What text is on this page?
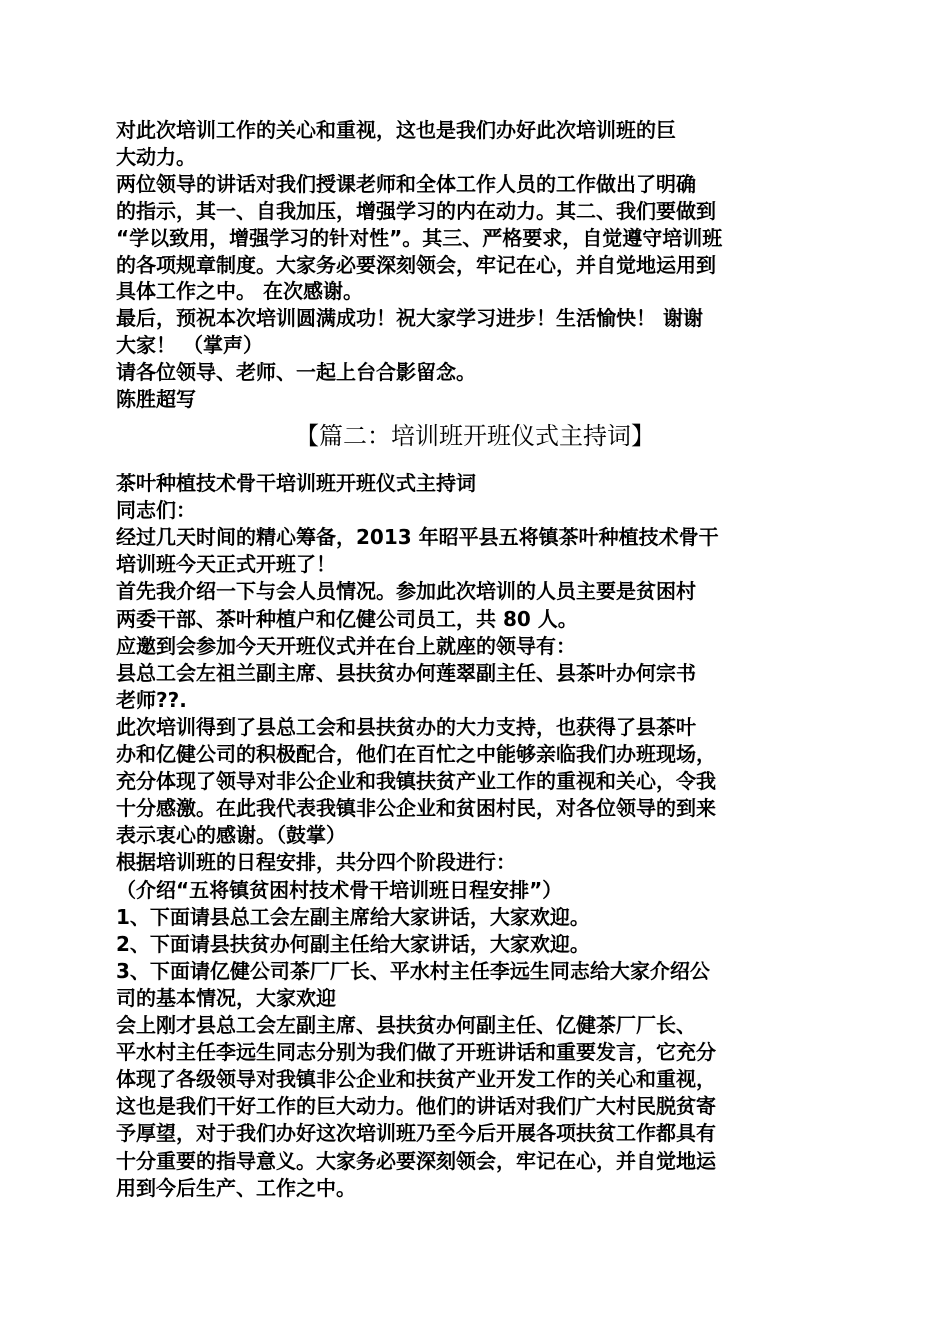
对此次培训工作的关心和重视，这也是我们办好此次培训班的巨

大动力。

两位领导的讲话对我们授课老师和全体工作人员的工作做出了明确

的指示，其一、自我加压，增强学习的内在动力。其二、我们要做到

“学以致用，增强学习的针对性”。其三、严格要求，自觉遵守培训班

的各项规章制度。大家务必要深刻领会，牢记在心，并自觉地运用到

具体工作之中。 在次感谢。

最后，预祝本次培训圆满成功！祝大家学习进步！生活愉快！ 谢谢

大家！ （掌声）

请各位领导、老师、一起上台合影留念。

陈胜超写

【篇二：培训班开班仪式主持词】

茶叶种植技术骨干培训班开班仪式主持词

同志们：

经过几天时间的精心筹备，2013 年昭平县五将镇茶叶种植技术骨干

培训班今天正式开班了！

首先我介绍一下与会人员情况。参加此次培训的人员主要是贫困村

两委干部、茶叶种植户和亿健公司员工，共 80 人。

应邀到会参加今天开班仪式并在台上就座的领导有：

县总工会左祖兰副主席、县扶贫办何莲翠副主任、县茶叶办何宗书

老师??.

此次培训得到了县总工会和县扶贫办的大力支持，也获得了县茶叶

办和亿健公司的积极配合，他们在百忙之中能够亲临我们办班现场，

充分体现了领导对非公企业和我镇扶贫产业工作的重视和关心，令我

十分感激。在此我代表我镇非公企业和贫困村民，对各位领导的到来

表示衷心的感谢。（鼓掌）

根据培训班的日程安排，共分四个阶段进行：

（介绍“五将镇贫困村技术骨干培训班日程安排”）

1、下面请县总工会左副主席给大家讲话，大家欢迎。

2、下面请县扶贫办何副主任给大家讲话，大家欢迎。

3、下面请亿健公司茶厂厂长、平水村主任李远生同志给大家介绍公

司的基本情况，大家欢迎

会上刚才县总工会左副主席、县扶贫办何副主任、亿健茶厂厂长、

平水村主任李远生同志分别为我们做了开班讲话和重要发言，它充分

体现了各级领导对我镇非公企业和扶贫产业开发工作的关心和重视，

这也是我们干好工作的巨大动力。他们的讲话对我们广大村民脱贫寄

予厚望，对于我们办好这次培训班乃至今后开展各项扶贫工作都具有

十分重要的指导意义。大家务必要深刻领会，牢记在心，并自觉地运

用到今后生产、工作之中。
